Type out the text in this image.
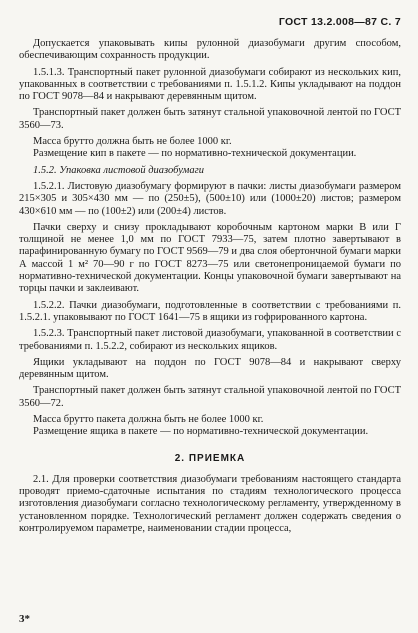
ГОСТ 13.2.008—87 С. 7

Допускается упаковывать кипы рулонной диазобумаги другим способом, обеспечивающим сохранность продукции.

1.5.1.3. Транспортный пакет рулонной диазобумаги собирают из нескольких кип, упакованных в соответствии с требованиями п. 1.5.1.2. Кипы укладывают на поддон по ГОСТ 9078—84 и накрывают деревянным щитом.

Транспортный пакет должен быть затянут стальной упаковочной лентой по ГОСТ 3560—73.

Масса брутто должна быть не более 1000 кг.

Размещение кип в пакете — по нормативно-технической документации.

1.5.2. Упаковка листовой диазобумаги

1.5.2.1. Листовую диазобумагу формируют в пачки: листы диазобумаги размером 215×305 и 305×430 мм — по (250±5), (500±10) или (1000±20) листов; размером 430×610 мм — по (100±2) или (200±4) листов.

Пачки сверху и снизу прокладывают коробочным картоном марки В или Г толщиной не менее 1,0 мм по ГОСТ 7933—75, затем плотно завертывают в парафинированную бумагу по ГОСТ 9569—79 и два слоя обертончной бумаги марки А массой 1 м² 70—90 г по ГОСТ 8273—75 или светонепроницаемой бумаги по нормативно-технической документации. Концы упаковочной бумаги завертывают на торцы пачки и заклеивают.

1.5.2.2. Пачки диазобумаги, подготовленные в соответствии с требованиями п. 1.5.2.1. упаковывают по ГОСТ 1641—75 в ящики из гофрированного картона.

1.5.2.3. Транспортный пакет листовой диазобумаги, упакованной в соответствии с требованиями п. 1.5.2.2, собирают из нескольких ящиков.

Ящики укладывают на поддон по ГОСТ 9078—84 и накрывают сверху деревянным щитом.

Транспортный пакет должен быть затянут стальной упаковочной лентой по ГОСТ 3560—72.

Масса брутто пакета должна быть не более 1000 кг.

Размещение ящика в пакете — по нормативно-технической документации.

2. ПРИЕМКА

2.1. Для проверки соответствия диазобумаги требованиям настоящего стандарта проводят приемо-сдаточные испытания по стадиям технологического процесса изготовления диазобумаги согласно технологическому регламенту, утвержденному в установленном порядке. Технологический регламент должен содержать сведения о контролируемом параметре, наименовании стадии процесса,

3*
